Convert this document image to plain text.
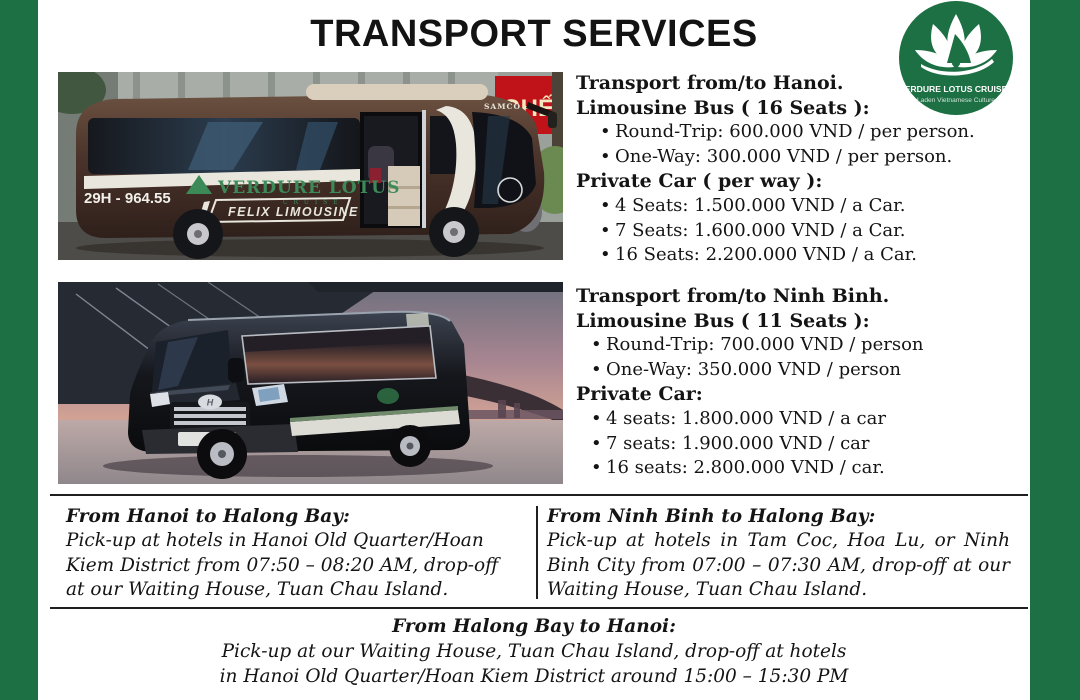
TRANSPORT SERVICES
VERDURE LOTUS CRUISES
Laden Vietnamese Culture
29H - 964.55
VERDURE LOTUS
C R U I S E
FELIX LIMOUSINE
SAMCO
H
Transport from/to Hanoi.
Limousine Bus ( 16 Seats ):
• Round-Trip: 600.000 VND / per person.
• One-Way: 300.000 VND / per person.
Private Car ( per way ):
• 4 Seats: 1.500.000 VND / a Car.
• 7 Seats: 1.600.000 VND / a Car.
• 16 Seats: 2.200.000 VND / a Car.
Transport from/to Ninh Binh.
Limousine Bus ( 11 Seats ):
• Round-Trip: 700.000 VND / person
• One-Way: 350.000 VND / person
Private Car:
• 4 seats: 1.800.000 VND / a car
• 7 seats: 1.900.000 VND / car
• 16 seats: 2.800.000 VND / car.
From Hanoi to Halong Bay:
Pick-up at hotels in Hanoi Old Quarter/Hoan Kiem District from 07:50 – 08:20 AM, drop-off at our Waiting House, Tuan Chau Island.
From Ninh Binh to Halong Bay:
Pick-up at hotels in Tam Coc, Hoa Lu, or Ninh Binh City from 07:00 – 07:30 AM, drop-off at our Waiting House, Tuan Chau Island.
From Halong Bay to Hanoi:
Pick-up at our Waiting House, Tuan Chau Island, drop-off at hotels in Hanoi Old Quarter/Hoan Kiem District around 15:00 – 15:30 PM
